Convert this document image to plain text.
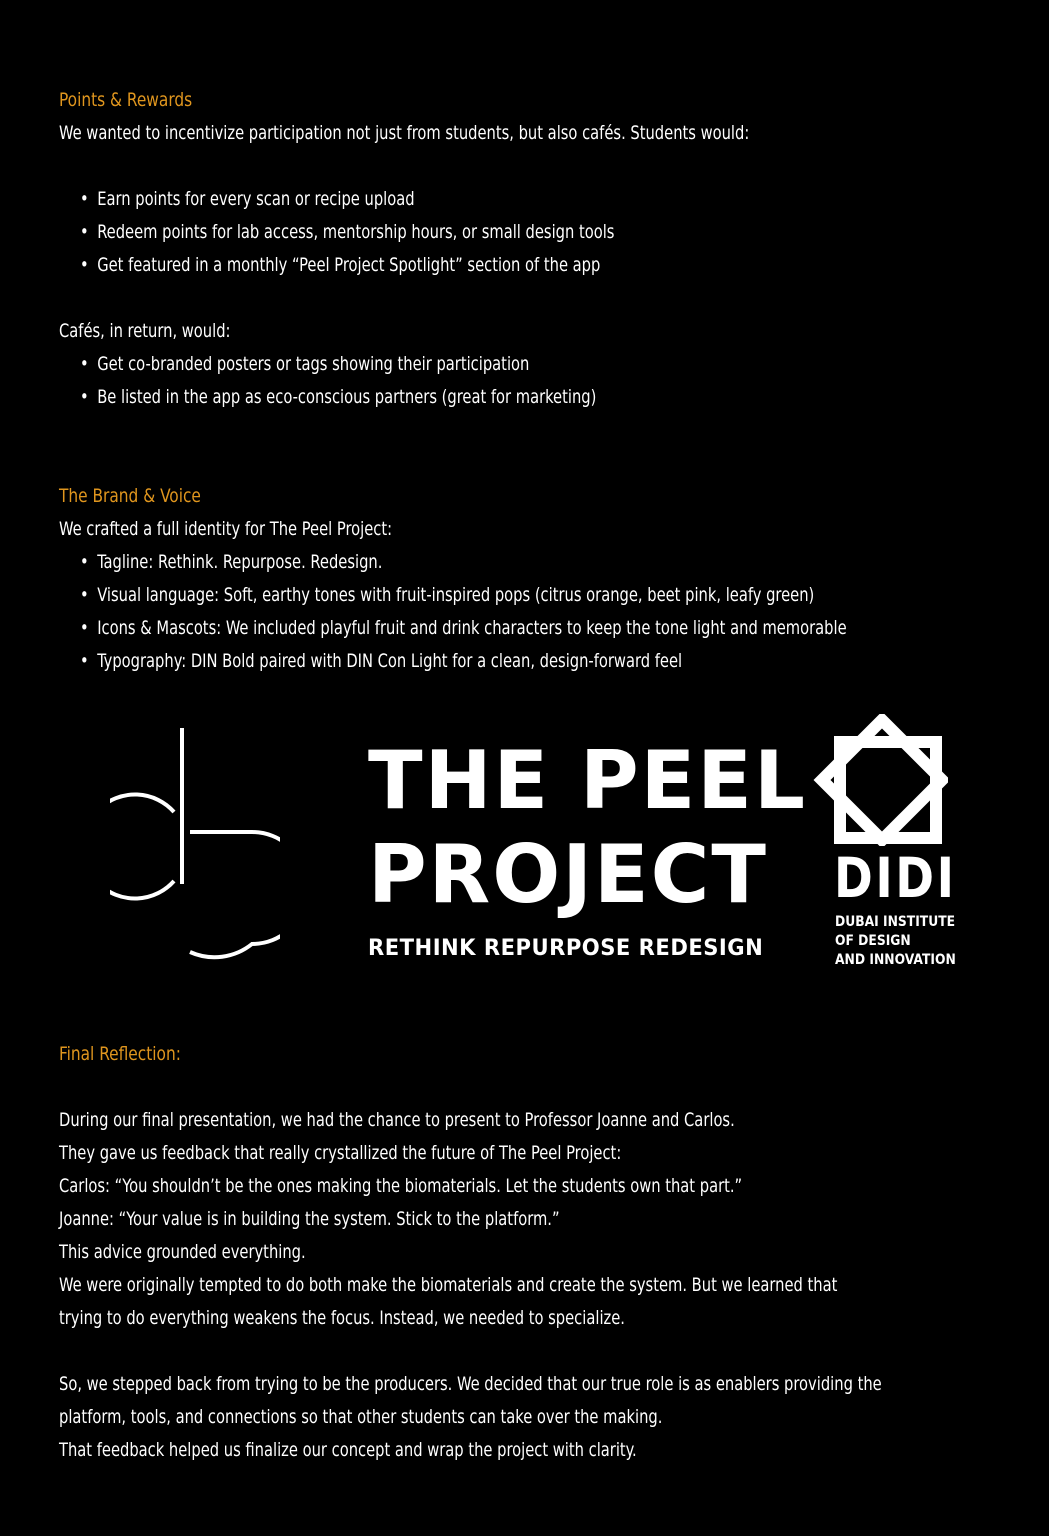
Points & Rewards

We wanted to incentivize participation not just from students, but also cafés. Students would:

• Earn points for every scan or recipe upload

• Redeem points for lab access, mentorship hours, or small design tools

• Get featured in a monthly “Peel Project Spotlight” section of the app

Cafés, in return, would:

• Get co-branded posters or tags showing their participation

• Be listed in the app as eco-conscious partners (great for marketing)

The Brand & Voice

We crafted a full identity for The Peel Project:

• Tagline: Rethink. Repurpose. Redesign.

• Visual language: Soft, earthy tones with fruit-inspired pops (citrus orange, beet pink, leafy green)

• Icons & Mascots: We included playful fruit and drink characters to keep the tone light and memorable

• Typography: DIN Bold paired with DIN Con Light for a clean, design-forward feel

THE PEEL
PROJECT
RETHINK REPURPOSE REDESIGN
DIDI
DUBAI INSTITUTE
OF DESIGN
AND INNOVATION
Final Reflection:

During our final presentation, we had the chance to present to Professor Joanne and Carlos.

They gave us feedback that really crystallized the future of The Peel Project:

Carlos: “You shouldn’t be the ones making the biomaterials. Let the students own that part.”

Joanne: “Your value is in building the system. Stick to the platform.”

This advice grounded everything.

We were originally tempted to do both make the biomaterials and create the system. But we learned that

trying to do everything weakens the focus. Instead, we needed to specialize.

So, we stepped back from trying to be the producers. We decided that our true role is as enablers providing the

platform, tools, and connections so that other students can take over the making.

That feedback helped us finalize our concept and wrap the project with clarity.
